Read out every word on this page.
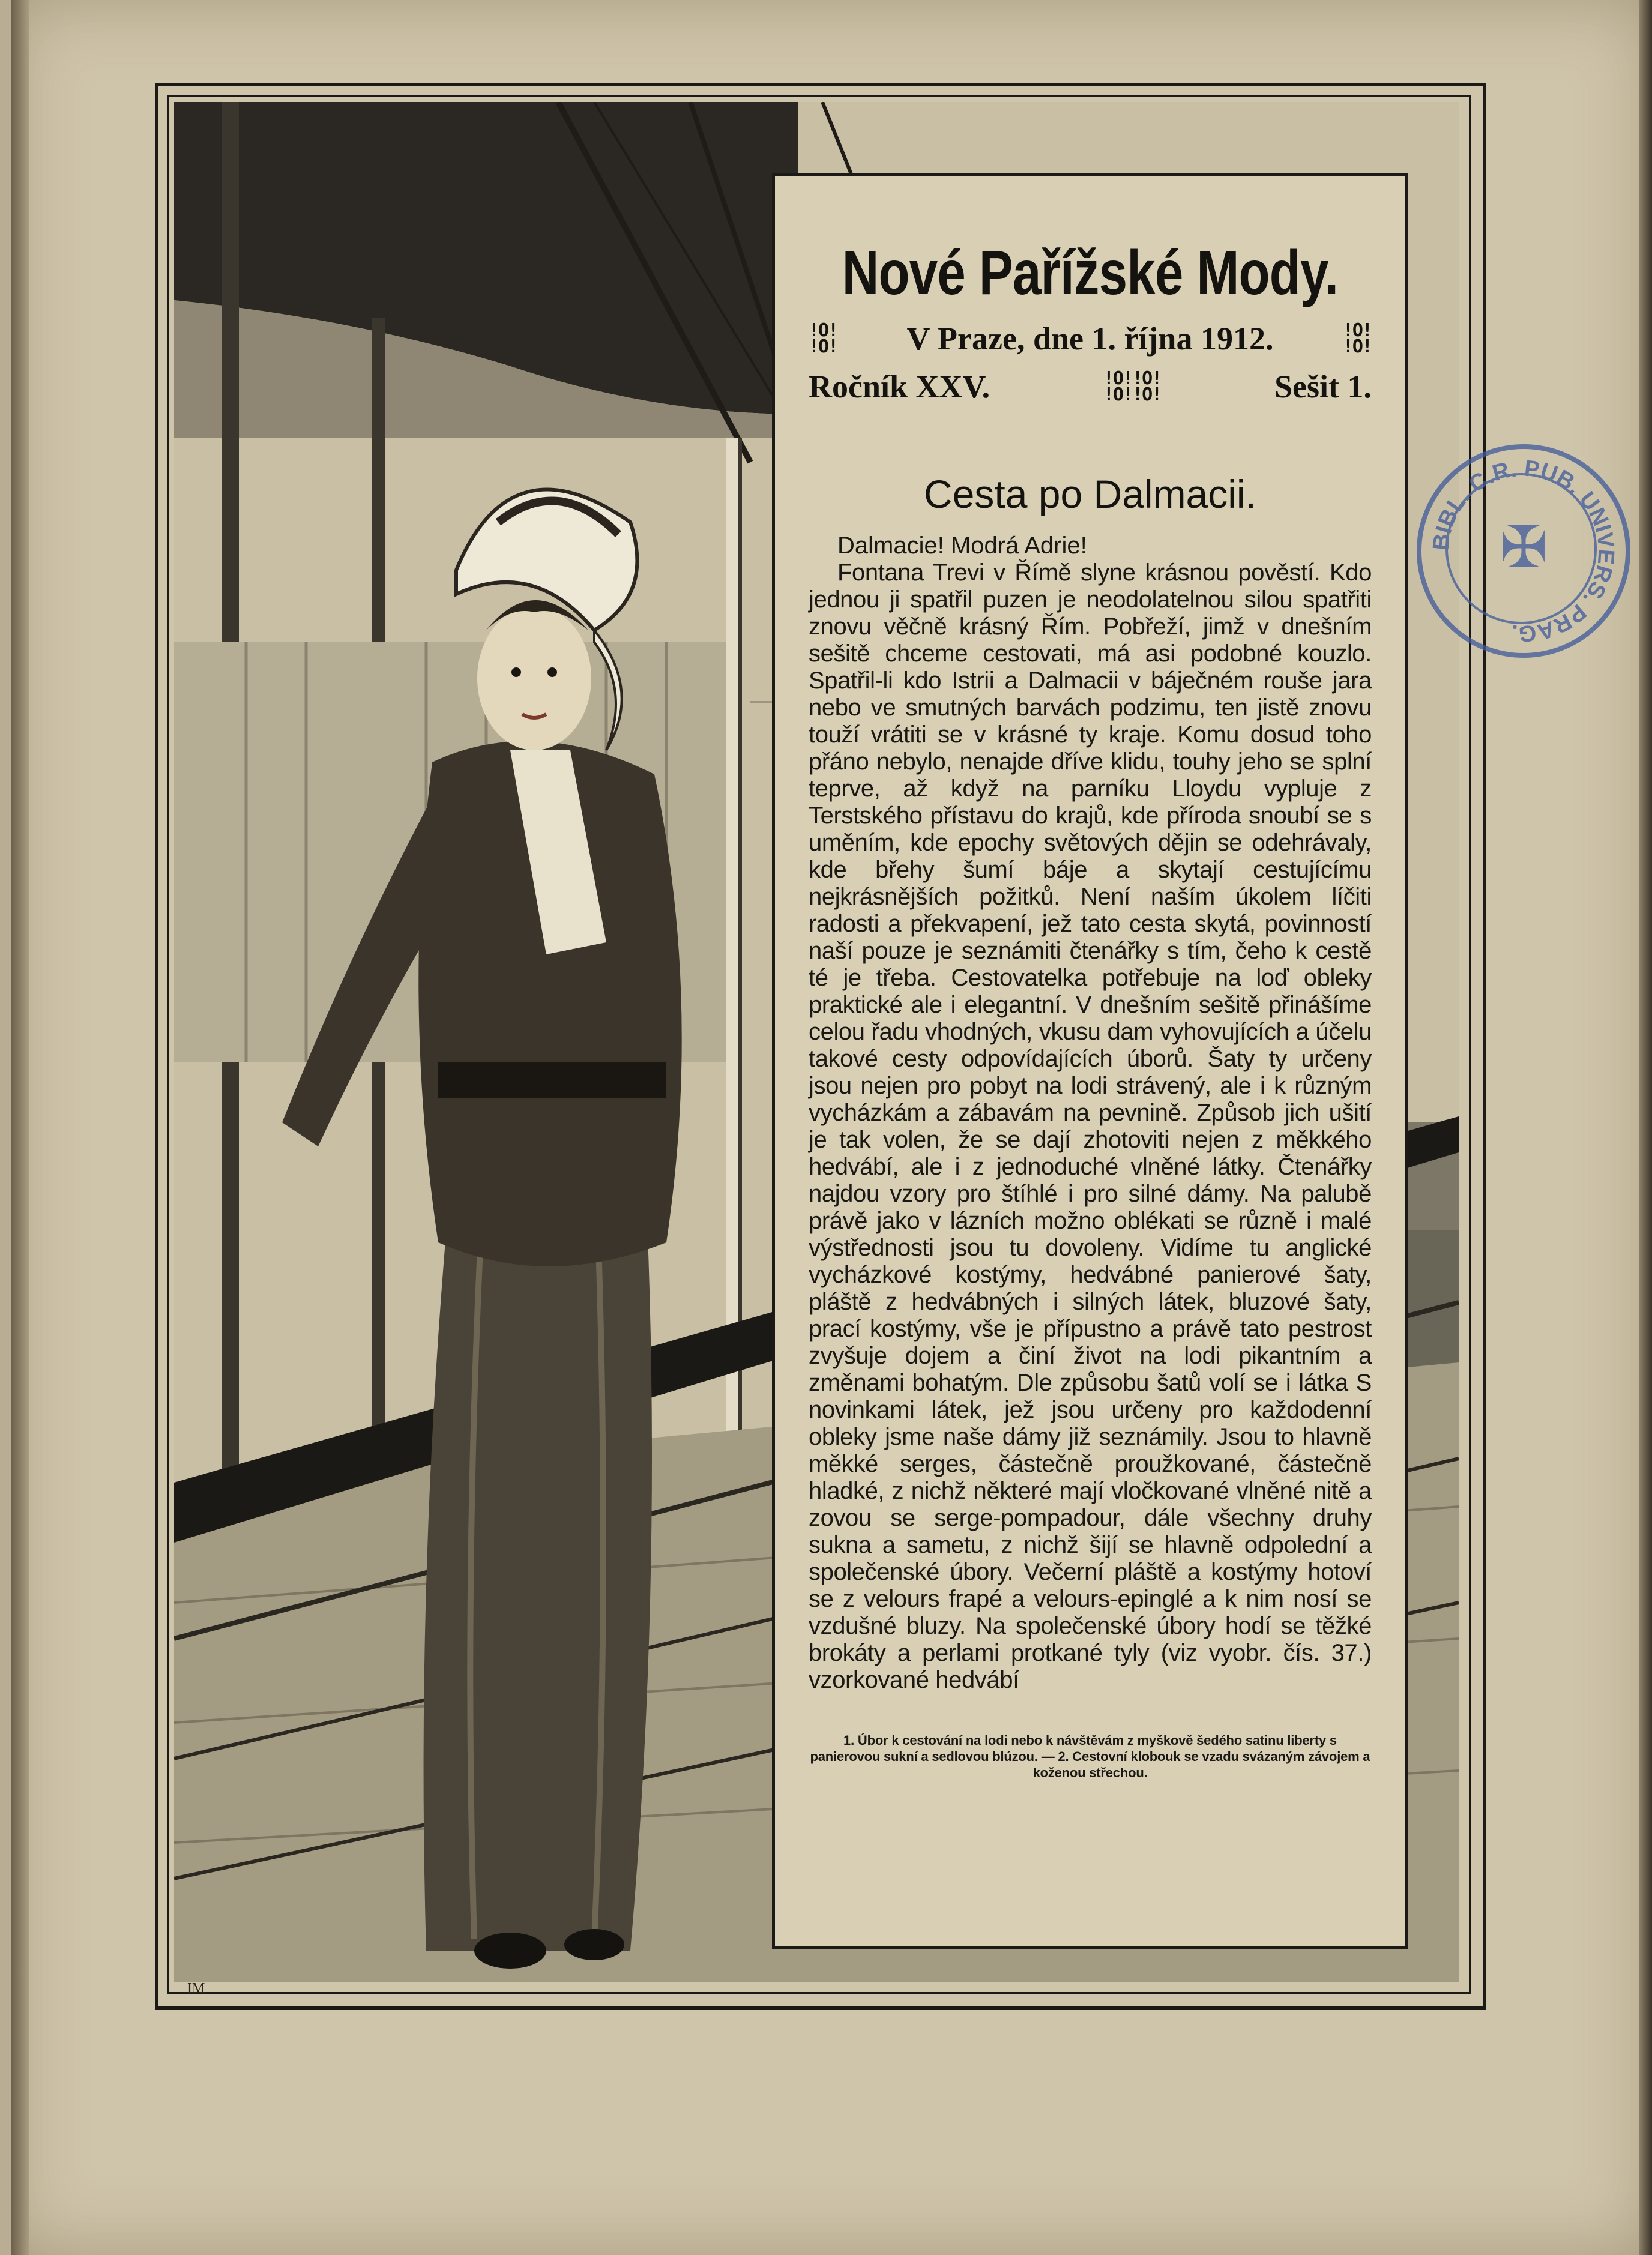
Nové Pařížské Mody.
!O!
!O! V Praze, dne 1. října 1912.	!O!
!O!
Ročník XXV.	!O!!O!
!O!!O!	Sešit 1.
Cesta po Dalmacii.

Dalmacie! Modrá Adrie!

Fontana Trevi v Římě slyne krásnou pověstí. Kdo jednou ji spatřil puzen je neodolatelnou silou spatřiti znovu věčně krásný Řím. Pobřeží, jimž v dnešním sešitě chceme cestovati, má asi podobné kouzlo. Spatřil-li kdo Istrii a Dalmacii v báječném rouše jara nebo ve smutných barvách podzimu, ten jistě znovu touží vrátiti se v krásné ty kraje. Komu dosud toho přáno nebylo, nenajde dříve klidu, touhy jeho se splní teprve, až když na parníku Lloydu vypluje z Terstského přístavu do krajů, kde příroda snoubí se s uměním, kde epochy světových dějin se odehrávaly, kde břehy šumí báje a skytají cestujícímu nejkrásnějších požitků. Není naším úkolem líčiti radosti a překvapení, jež tato cesta skytá, povinností naší pouze je seznámiti čtenářky s tím, čeho k cestě té je třeba. Cestovatelka potřebuje na loď obleky praktické ale i elegantní. V dnešním sešitě přinášíme celou řadu vhodných, vkusu dam vyhovujících a účelu takové cesty odpovídajících úborů. Šaty ty určeny jsou nejen pro pobyt na lodi strávený, ale i k různým vycházkám a zábavám na pevnině. Způsob jich ušití je tak volen, že se dají zhotoviti nejen z měkkého hedvábí, ale i z jednoduché vlněné látky. Čtenářky najdou vzory pro štíhlé i pro silné dámy. Na palubě právě jako v lázních možno oblékati se různě i malé výstřednosti jsou tu dovoleny. Vidíme tu anglické vycházkové kostýmy, hedvábné panierové šaty, pláště z hedvábných i silných látek, bluzové šaty, prací kostýmy, vše je přípustno a právě tato pestrost zvyšuje dojem a činí život na lodi pikantním a změnami bohatým. Dle způsobu šatů volí se i látka S novinkami látek, jež jsou určeny pro každodenní obleky jsme naše dámy již seznámily. Jsou to hlavně měkké serges, částečně proužkované, částečně hladké, z nichž některé mají vločkované vlněné nitě a zovou se serge-pompadour, dále všechny druhy sukna a sametu, z nichž šijí se hlavně odpolední a společenské úbory. Večerní pláště a kostýmy hotoví se z velours frapé a velours-epinglé a k nim nosí se vzdušné bluzy. Na společenské úbory hodí se těžké brokáty a perlami protkané tyly (viz vyobr. čís. 37.) vzorkované hedvábí

1. Úbor k cestování na lodi nebo k návštěvám z myškově šedého satinu liberty s panierovou sukní a sedlovou blúzou. — 2. Cestovní klobouk se vzadu svázaným závojem a koženou střechou.
✠
BIBL. C.R. PUB. UNIVERS. PRAG.
IM
